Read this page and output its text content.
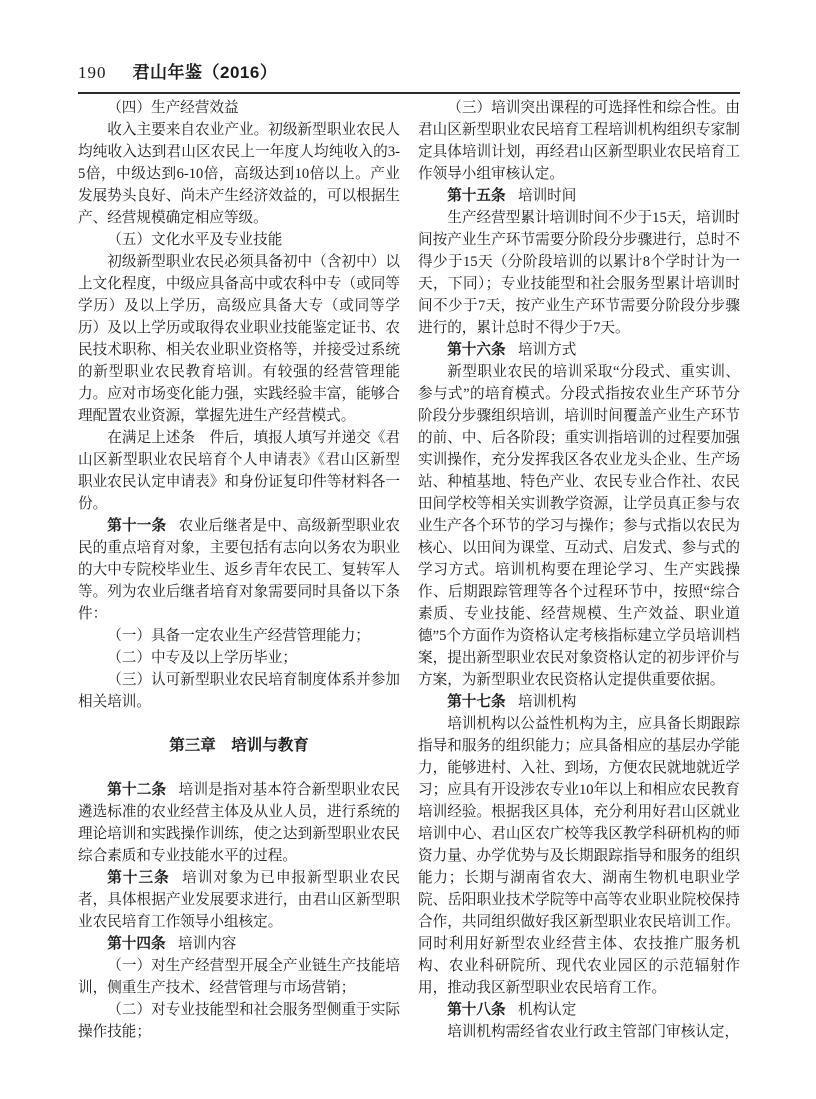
190 君山年鉴（2016）

（四）生产经营效益

收入主要来自农业产业。初级新型职业农民人均纯收入达到君山区农民上一年度人均纯收入的3-5倍，中级达到6-10倍，高级达到10倍以上。产业发展势头良好、尚未产生经济效益的，可以根据生产、经营规模确定相应等级。

（五）文化水平及专业技能

初级新型职业农民必须具备初中（含初中）以上文化程度，中级应具备高中或农科中专（或同等学历）及以上学历，高级应具备大专（或同等学历）及以上学历或取得农业职业技能鉴定证书、农民技术职称、相关农业职业资格等，并接受过系统的新型职业农民教育培训。有较强的经营管理能力。应对市场变化能力强，实践经验丰富，能够合理配置农业资源，掌握先进生产经营模式。

在满足上述条　件后，填报人填写并递交《君山区新型职业农民培育个人申请表》《君山区新型职业农民认定申请表》和身份证复印件等材料各一份。

第十一条 农业后继者是中、高级新型职业农民的重点培育对象，主要包括有志向以务农为职业的大中专院校毕业生、返乡青年农民工、复转军人等。列为农业后继者培育对象需要同时具备以下条件：

（一）具备一定农业生产经营管理能力；

（二）中专及以上学历毕业；

（三）认可新型职业农民培育制度体系并参加相关培训。

第三章　培训与教育

第十二条 培训是指对基本符合新型职业农民遴选标准的农业经营主体及从业人员，进行系统的理论培训和实践操作训练，使之达到新型职业农民综合素质和专业技能水平的过程。

第十三条 培训对象为已申报新型职业农民者，具体根据产业发展要求进行，由君山区新型职业农民培育工作领导小组核定。

第十四条 培训内容

（一）对生产经营型开展全产业链生产技能培训，侧重生产技术、经营管理与市场营销；

（二）对专业技能型和社会服务型侧重于实际操作技能；

（三）培训突出课程的可选择性和综合性。由君山区新型职业农民培育工程培训机构组织专家制定具体培训计划，再经君山区新型职业农民培育工作领导小组审核认定。

第十五条 培训时间

生产经营型累计培训时间不少于15天，培训时间按产业生产环节需要分阶段分步骤进行，总时不得少于15天（分阶段培训的以累计8个学时计为一天，下同）；专业技能型和社会服务型累计培训时间不少于7天，按产业生产环节需要分阶段分步骤进行的，累计总时不得少于7天。

第十六条 培训方式

新型职业农民的培训采取“分段式、重实训、参与式”的培育模式。分段式指按农业生产环节分阶段分步骤组织培训，培训时间覆盖产业生产环节的前、中、后各阶段；重实训指培训的过程要加强实训操作，充分发挥我区各农业龙头企业、生产场站、种植基地、特色产业、农民专业合作社、农民田间学校等相关实训教学资源，让学员真正参与农业生产各个环节的学习与操作；参与式指以农民为核心、以田间为课堂、互动式、启发式、参与式的学习方式。培训机构要在理论学习、生产实践操作、后期跟踪管理等各个过程环节中，按照“综合素质、专业技能、经营规模、生产效益、职业道德”5个方面作为资格认定考核指标建立学员培训档案，提出新型职业农民对象资格认定的初步评价与方案，为新型职业农民资格认定提供重要依据。

第十七条 培训机构

培训机构以公益性机构为主，应具备长期跟踪指导和服务的组织能力；应具备相应的基层办学能力，能够进村、入社、到场，方便农民就地就近学习；应具有开设涉农专业10年以上和相应农民教育培训经验。根据我区具体，充分利用好君山区就业培训中心、君山区农广校等我区教学科研机构的师资力量、办学优势与及长期跟踪指导和服务的组织能力；长期与湖南省农大、湖南生物机电职业学院、岳阳职业技术学院等中高等农业职业院校保持合作，共同组织做好我区新型职业农民培训工作。同时利用好新型农业经营主体、农技推广服务机构、农业科研院所、现代农业园区的示范辐射作用，推动我区新型职业农民培育工作。

第十八条 机构认定

培训机构需经省农业行政主管部门审核认定，
